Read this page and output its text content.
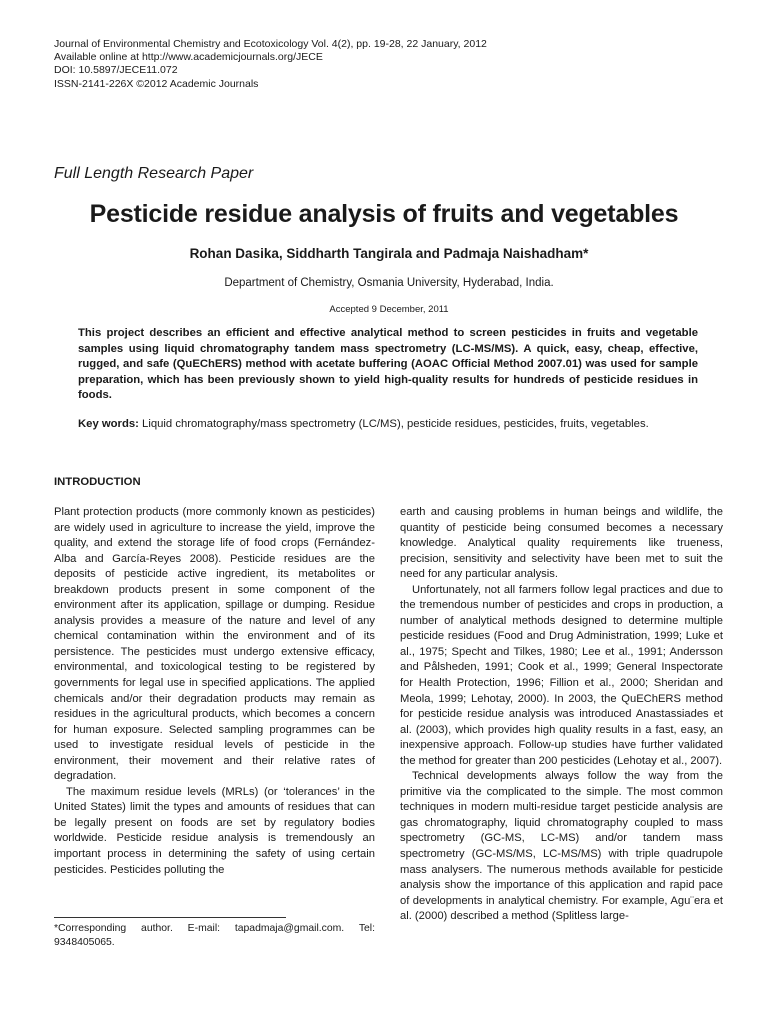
Journal of Environmental Chemistry and Ecotoxicology Vol. 4(2), pp. 19-28, 22 January, 2012
Available online at http://www.academicjournals.org/JECE
DOI: 10.5897/JECE11.072
ISSN-2141-226X ©2012 Academic Journals
Full Length Research Paper
Pesticide residue analysis of fruits and vegetables
Rohan Dasika, Siddharth Tangirala and Padmaja Naishadham*
Department of Chemistry, Osmania University, Hyderabad, India.
Accepted 9 December, 2011
This project describes an efficient and effective analytical method to screen pesticides in fruits and vegetable samples using liquid chromatography tandem mass spectrometry (LC-MS/MS). A quick, easy, cheap, effective, rugged, and safe (QuEChERS) method with acetate buffering (AOAC Official Method 2007.01) was used for sample preparation, which has been previously shown to yield high-quality results for hundreds of pesticide residues in foods.
Key words: Liquid chromatography/mass spectrometry (LC/MS), pesticide residues, pesticides, fruits, vegetables.
INTRODUCTION

Plant protection products (more commonly known as pesticides) are widely used in agriculture to increase the yield, improve the quality, and extend the storage life of food crops (Fernández-Alba and García-Reyes 2008). Pesticide residues are the deposits of pesticide active ingredient, its metabolites or breakdown products present in some component of the environment after its application, spillage or dumping. Residue analysis provides a measure of the nature and level of any chemical contamination within the environment and of its persistence. The pesticides must undergo extensive efficacy, environmental, and toxicological testing to be registered by governments for legal use in specified applications. The applied chemicals and/or their degradation products may remain as residues in the agricultural products, which becomes a concern for human exposure. Selected sampling programmes can be used to investigate residual levels of pesticide in the environment, their movement and their relative rates of degradation.

The maximum residue levels (MRLs) (or ‘tolerances’ in the United States) limit the types and amounts of residues that can be legally present on foods are set by regulatory bodies worldwide. Pesticide residue analysis is tremendously an important process in determining the safety of using certain pesticides. Pesticides polluting the

earth and causing problems in human beings and wildlife, the quantity of pesticide being consumed becomes a necessary knowledge. Analytical quality requirements like trueness, precision, sensitivity and selectivity have been met to suit the need for any particular analysis.

Unfortunately, not all farmers follow legal practices and due to the tremendous number of pesticides and crops in production, a number of analytical methods designed to determine multiple pesticide residues (Food and Drug Administration, 1999; Luke et al., 1975; Specht and Tilkes, 1980; Lee et al., 1991; Andersson and Pålsheden, 1991; Cook et al., 1999; General Inspectorate for Health Protection, 1996; Fillion et al., 2000; Sheridan and Meola, 1999; Lehotay, 2000). In 2003, the QuEChERS method for pesticide residue analysis was introduced Anastassiades et al. (2003), which provides high quality results in a fast, easy, an inexpensive approach. Follow-up studies have further validated the method for greater than 200 pesticides (Lehotay et al., 2007).

Technical developments always follow the way from the primitive via the complicated to the simple. The most common techniques in modern multi-residue target pesticide analysis are gas chromatography, liquid chromatography coupled to mass spectrometry (GC-MS, LC-MS) and/or tandem mass spectrometry (GC-MS/MS, LC-MS/MS) with triple quadrupole mass analysers. The numerous methods available for pesticide analysis show the importance of this application and rapid pace of developments in analytical chemistry. For example, Agu¨era et al. (2000) described a method (Splitless large-

*Corresponding author. E-mail: tapadmaja@gmail.com. Tel: 9348405065.
